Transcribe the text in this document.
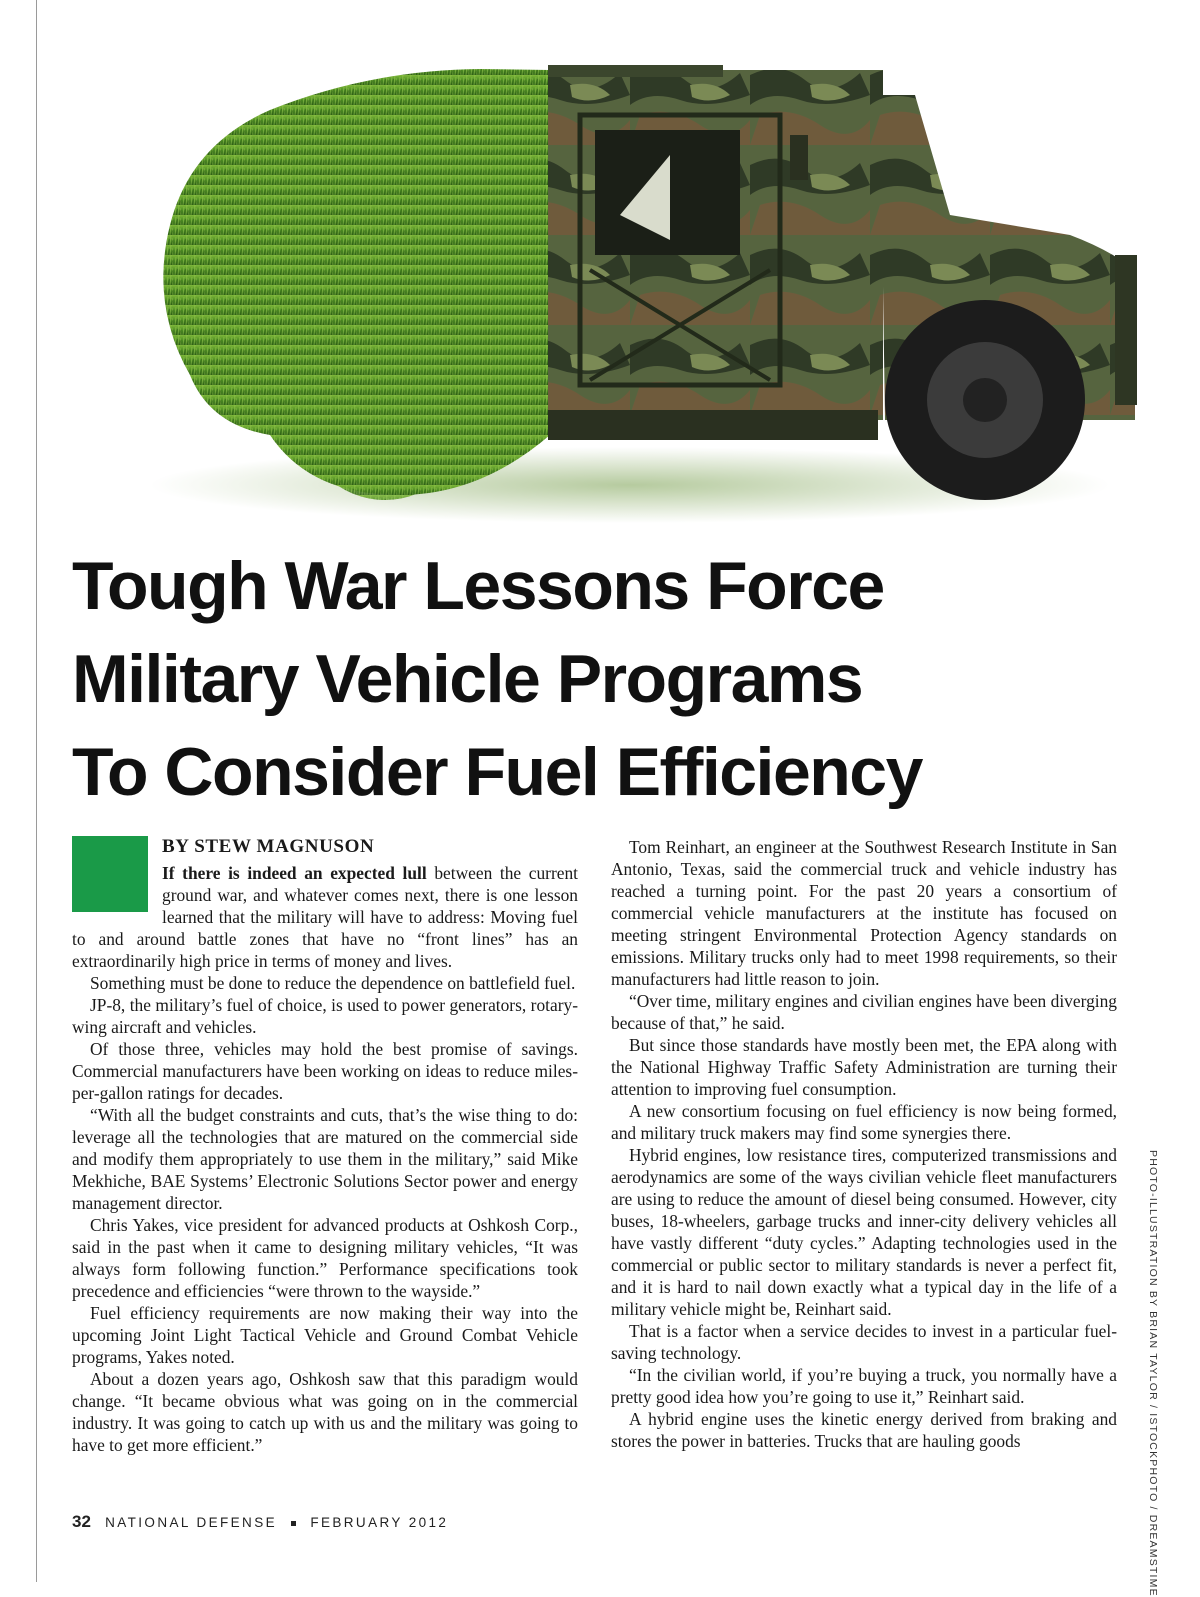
Tough War Lessons Force
Military Vehicle Programs
To Consider Fuel Efficiency
BY STEW MAGNUSON

If there is indeed an expected lull between the current ground war, and whatever comes next, there is one lesson learned that the military will have to address: Moving fuel to and around battle zones that have no “front lines” has an extraordinarily high price in terms of money and lives.

Something must be done to reduce the dependence on battlefield fuel.

JP-8, the military’s fuel of choice, is used to power generators, rotary-wing aircraft and vehicles.

Of those three, vehicles may hold the best promise of savings. Commercial manufacturers have been working on ideas to reduce miles-per-gallon ratings for decades.

“With all the budget constraints and cuts, that’s the wise thing to do: leverage all the technologies that are matured on the commercial side and modify them appropriately to use them in the military,” said Mike Mekhiche, BAE Systems’ Electronic Solutions Sector power and energy management director.

Chris Yakes, vice president for advanced products at Oshkosh Corp., said in the past when it came to designing military vehicles, “It was always form following function.” Performance specifications took precedence and efficiencies “were thrown to the wayside.”

Fuel efficiency requirements are now making their way into the upcoming Joint Light Tactical Vehicle and Ground Combat Vehicle programs, Yakes noted.

About a dozen years ago, Oshkosh saw that this paradigm would change. “It became obvious what was going on in the commercial industry. It was going to catch up with us and the military was going to have to get more efficient.”

Tom Reinhart, an engineer at the Southwest Research Institute in San Antonio, Texas, said the commercial truck and vehicle industry has reached a turning point. For the past 20 years a consortium of commercial vehicle manufacturers at the institute has focused on meeting stringent Environmental Protection Agency standards on emissions. Military trucks only had to meet 1998 requirements, so their manufacturers had little reason to join.

“Over time, military engines and civilian engines have been diverging because of that,” he said.

But since those standards have mostly been met, the EPA along with the National Highway Traffic Safety Administration are turning their attention to improving fuel consumption.

A new consortium focusing on fuel efficiency is now being formed, and military truck makers may find some synergies there.

Hybrid engines, low resistance tires, computerized transmissions and aerodynamics are some of the ways civilian vehicle fleet manufacturers are using to reduce the amount of diesel being consumed. However, city buses, 18-wheelers, garbage trucks and inner-city delivery vehicles all have vastly different “duty cycles.” Adapting technologies used in the commercial or public sector to military standards is never a perfect fit, and it is hard to nail down exactly what a typical day in the life of a military vehicle might be, Reinhart said.

That is a factor when a service decides to invest in a particular fuel-saving technology.

“In the civilian world, if you’re buying a truck, you normally have a pretty good idea how you’re going to use it,” Reinhart said.

A hybrid engine uses the kinetic energy derived from braking and stores the power in batteries. Trucks that are hauling goods	PHOTO-ILLUSTRATION BY BRIAN TAYLOR / ISTOCKPHOTO / DREAMSTIME
32 NATIONAL DEFENSE FEBRUARY 2012
